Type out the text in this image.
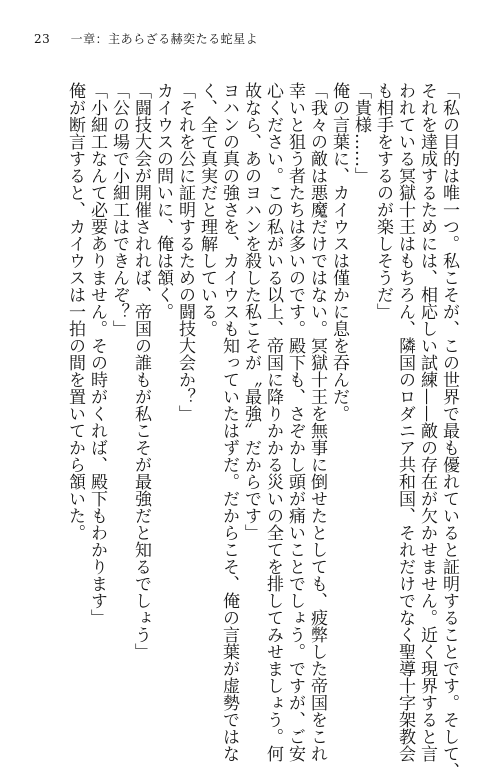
23 一章：主あらざる赫奕たる蛇星よ
「私の目的は唯一つ。私こそが、この世界で最も優れていると証明することです。そして、
それを達成するためには、相応しい試練——敵の存在が欠かせません。近く現界すると言
われている冥獄十王はもちろん、隣国のロダニア共和国、それだけでなく聖導十字架教会
も相手をするのが楽しそうだ」
「貴様……」
俺の言葉に、カイウスは僅かに息を吞んだ。
「我々の敵は悪魔だけではない。冥獄十王を無事に倒せたとしても、疲弊した帝国をこれ
幸いと狙う者たちは多いのです。殿下も、さぞかし頭が痛いことでしょう。ですが、ご安
心ください。この私がいる以上、帝国に降りかかる災いの全てを排してみせましょう。何
故なら、あのヨハンを殺した私こそが〝最強〟だからです」
ヨハンの真の強さを、カイウスも知っていたはずだ。だからこそ、俺の言葉が虚勢ではな
く、全て真実だと理解している。
「それを公に証明するための闘技大会か？」
カイウスの問いに、俺は頷く。
「闘技大会が開催されれば、帝国の誰もが私こそが最強だと知るでしょう」
「公の場で小細工はできんぞ？」
「小細工なんて必要ありません。その時がくれば、殿下もわかります」
俺が断言すると、カイウスは一拍の間を置いてから頷いた。
